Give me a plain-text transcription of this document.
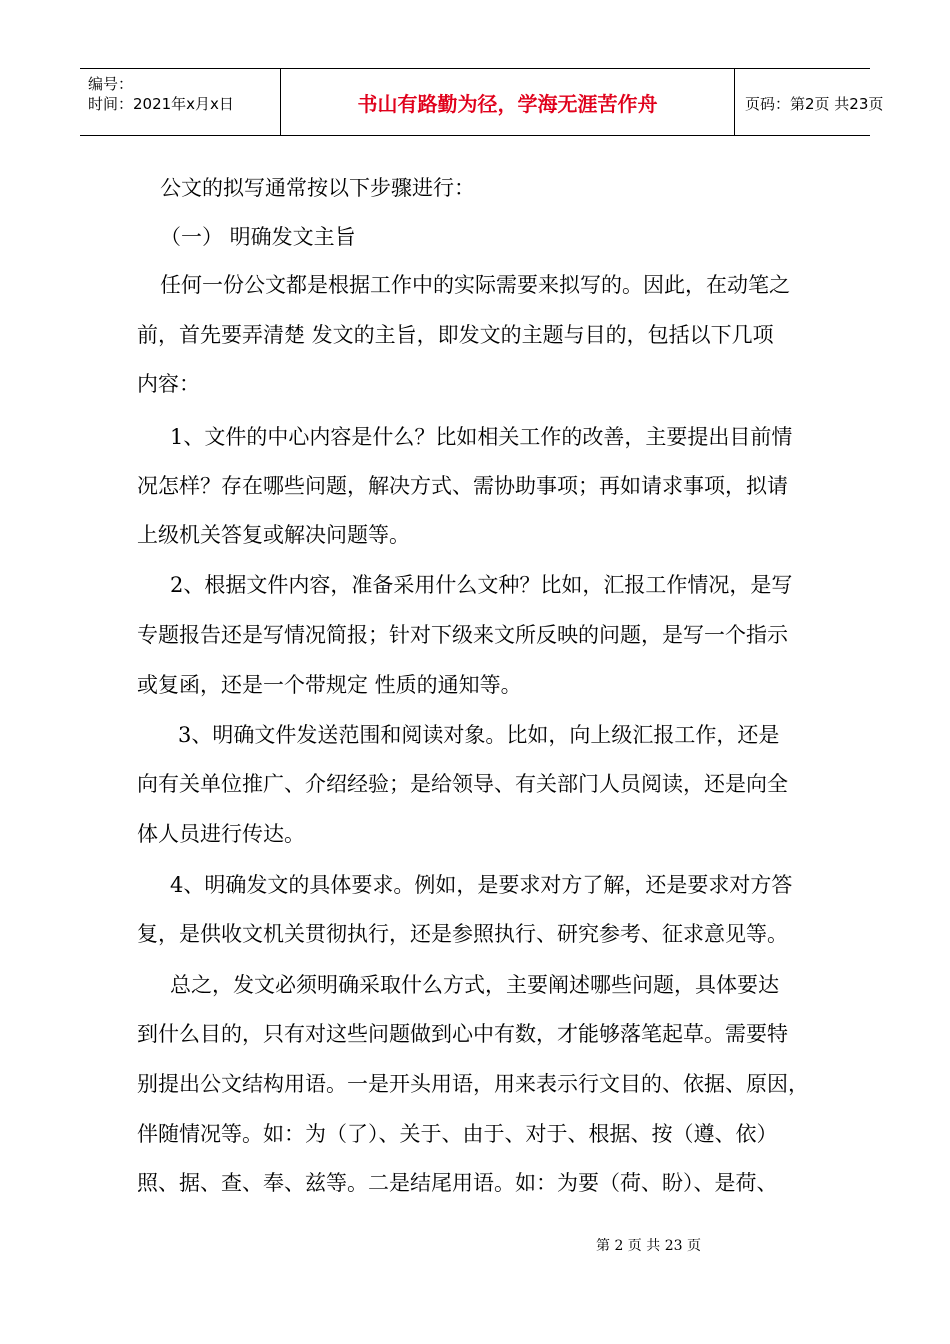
编号：
时间：2021年x月x日	书山有路勤为径，学海无涯苦作舟	页码：第2页 共23页
公文的拟写通常按以下步骤进行：
（一） 明确发文主旨
任何一份公文都是根据工作中的实际需要来拟写的。因此，在动笔之
前，首先要弄清楚 发文的主旨，即发文的主题与目的，包括以下几项
内容：
1、文件的中心内容是什么？比如相关工作的改善，主要提出目前情
况怎样？存在哪些问题，解决方式、需协助事项；再如请求事项，拟请
上级机关答复或解决问题等。
2、根据文件内容，准备采用什么文种？比如，汇报工作情况，是写
专题报告还是写情况简报；针对下级来文所反映的问题，是写一个指示
或复函，还是一个带规定 性质的通知等。
3、明确文件发送范围和阅读对象。比如，向上级汇报工作，还是
向有关单位推广、介绍经验；是给领导、有关部门人员阅读，还是向全
体人员进行传达。
4、明确发文的具体要求。例如，是要求对方了解，还是要求对方答
复，是供收文机关贯彻执行，还是参照执行、研究参考、征求意见等。
总之，发文必须明确采取什么方式，主要阐述哪些问题，具体要达
到什么目的，只有对这些问题做到心中有数，才能够落笔起草。需要特
别提出公文结构用语。一是开头用语，用来表示行文目的、依据、原因，
伴随情况等。如：为（了）、关于、由于、对于、根据、按（遵、依）
照、据、查、奉、兹等。二是结尾用语。如：为要（荷、盼）、是荷、
第 2 页 共 23 页
